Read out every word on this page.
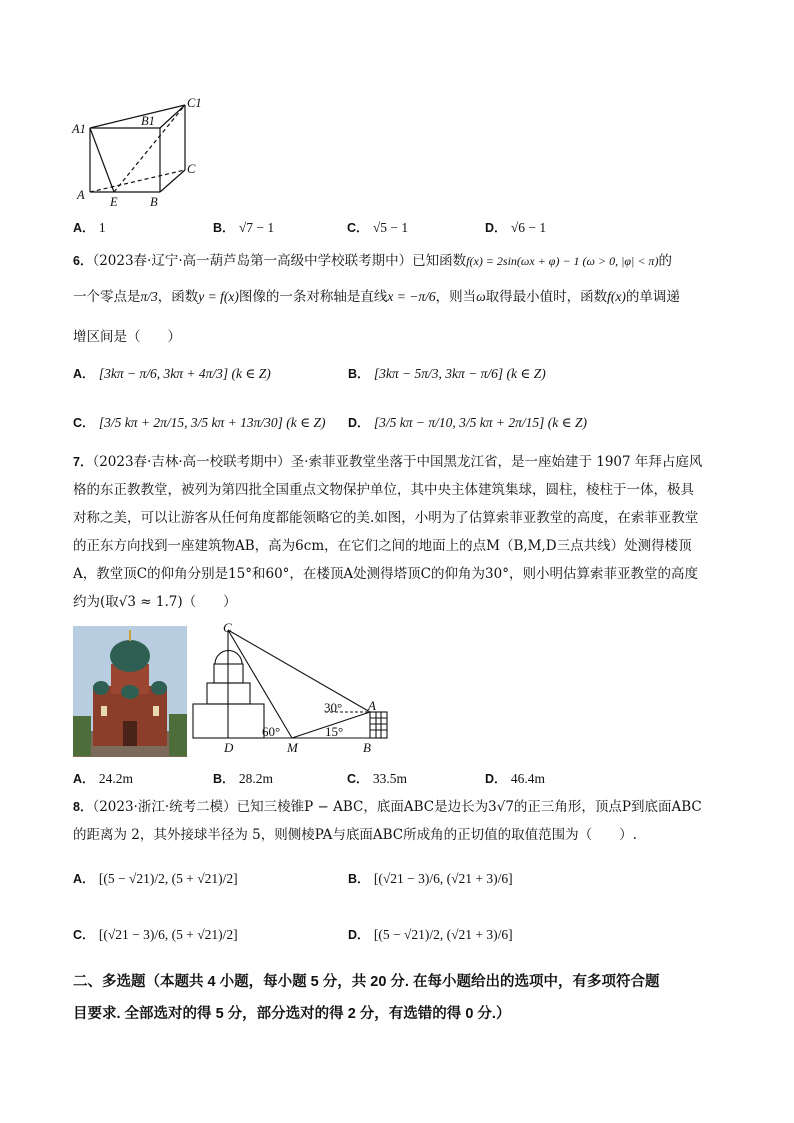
C1
A1
B1
C
A E	B
A． 1	B． √7 − 1	C． √5 − 1	D． √6 − 1
6．（2023春·辽宁·高一葫芦岛第一高级中学校联考期中）已知函数f(x) = 2sin(ωx + φ) − 1 (ω > 0, |φ| < π)的
一个零点是π/3，函数y = f(x)图像的一条对称轴是直线x = −π/6，则当ω取得最小值时，函数f(x)的单调递
增区间是（　　）
A． [3kπ − π/6, 3kπ + 4π/3] (k ∈ Z)	B． [3kπ − 5π/3, 3kπ − π/6] (k ∈ Z)
C． [3/5 kπ + 2π/15, 3/5 kπ + 13π/30] (k ∈ Z) D． [3/5 kπ − π/10, 3/5 kπ + 2π/15] (k ∈ Z)
7．（2023春·吉林·高一校联考期中）圣·索菲亚教堂坐落于中国黑龙江省，是一座始建于 1907 年拜占庭风
格的东正教教堂，被列为第四批全国重点文物保护单位，其中央主体建筑集球，圆柱，棱柱于一体，极具
对称之美，可以让游客从任何角度都能领略它的美.如图，小明为了估算索菲亚教堂的高度，在索菲亚教堂
的正东方向找到一座建筑物AB，高为6cm，在它们之间的地面上的点M（B,M,D三点共线）处测得楼顶
A，教堂顶C的仰角分别是15°和60°，在楼顶A处测得塔顶C的仰角为30°，则小明估算索菲亚教堂的高度
约为(取√3 ≈ 1.7)（　　）
C
30° A
60°	15°
D	M	B
A． 24.2m	B． 28.2m	C． 33.5m	D． 46.4m
8．（2023·浙江·统考二模）已知三棱锥P − ABC，底面ABC是边长为3√7的正三角形，顶点P到底面ABC
的距离为 2，其外接球半径为 5，则侧棱PA与底面ABC所成角的正切值的取值范围为（　　）.
A． [(5 − √21)/2, (5 + √21)/2]	B． [(√21 − 3)/6, (√21 + 3)/6]
C． [(√21 − 3)/6, (5 + √21)/2]	D． [(5 − √21)/2, (√21 + 3)/6]
二、多选题（本题共 4 小题，每小题 5 分，共 20 分. 在每小题给出的选项中，有多项符合题
目要求. 全部选对的得 5 分，部分选对的得 2 分，有选错的得 0 分.）
